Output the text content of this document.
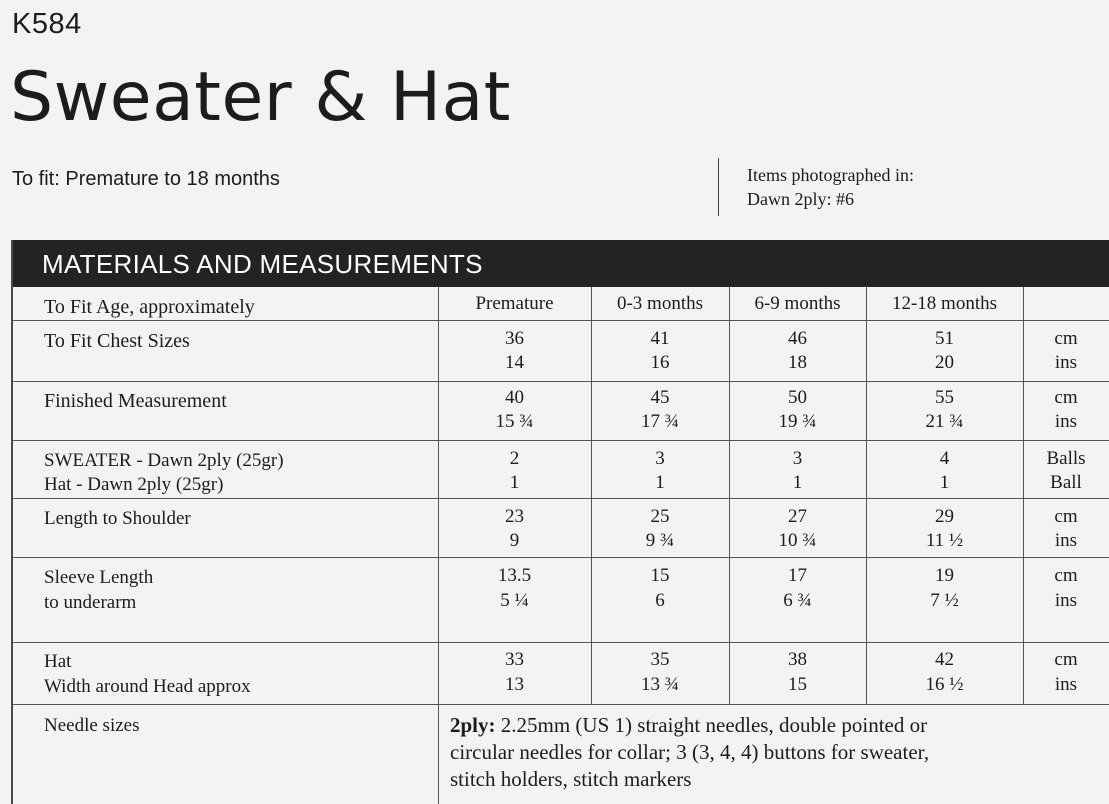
K584
Sweater & Hat
To fit: Premature to 18 months	Items photographed in:
Dawn 2ply: #6
MATERIALS AND MEASUREMENTS
To Fit Age, approximately	Premature	0-3 months	6-9 months	12-18 months
To Fit Chest Sizes	36	41	46	51	cm
14	16	18	20	ins
Finished Measurement	40	45	50	55	cm
15 ¾	17 ¾	19 ¾	21 ¾	ins
SWEATER - Dawn 2ply (25gr)
Hat - Dawn 2ply (25gr)
2	3	3	4	Balls
1	1	1	1	Ball
Length to Shoulder	23	25	27	29	cm
9	9 ¾	10 ¾	11 ½	ins
Sleeve Length
to underarm
13.5	15	17	19	cm
5 ¼	6	6 ¾	7 ½	ins
Hat
Width around Head approx
33	35	38	42	cm
13	13 ¾	15	16 ½	ins
Needle sizes	2ply: 2.25mm (US 1) straight needles, double pointed or
circular needles for collar; 3 (3, 4, 4) buttons for sweater,
stitch holders, stitch markers
